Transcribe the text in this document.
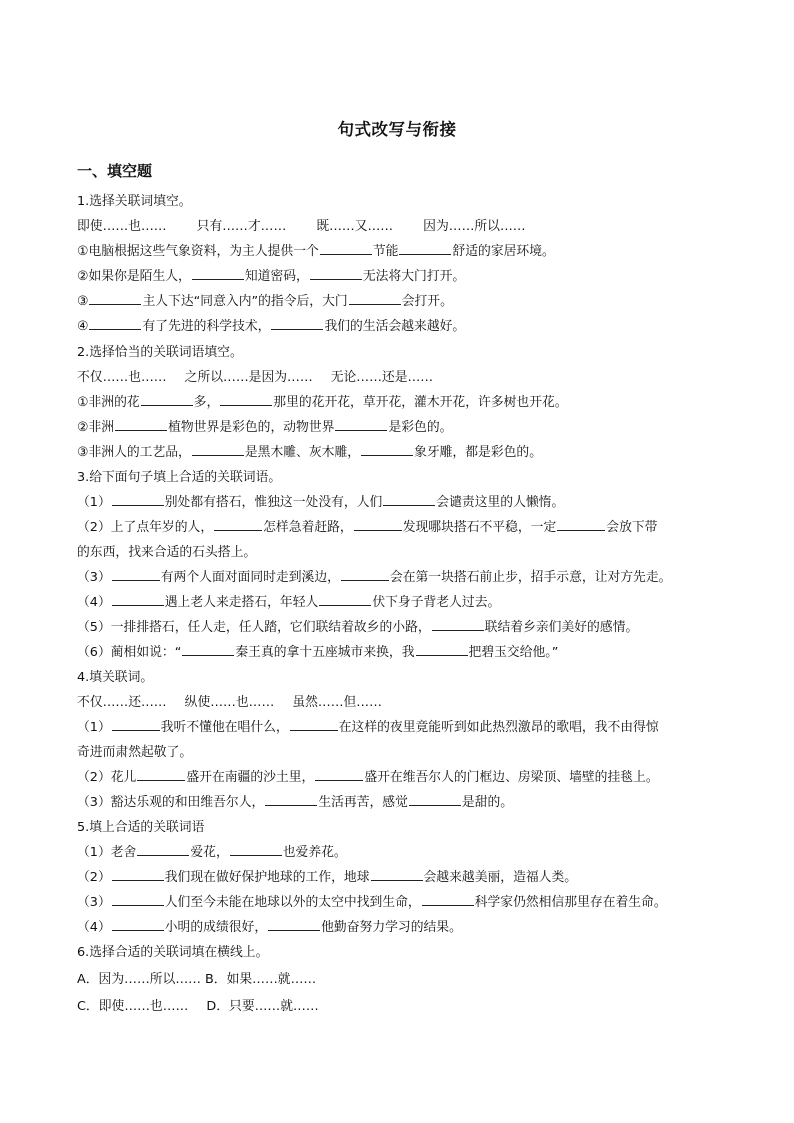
句式改写与衔接
一、填空题
1.选择关联词填空。
即使……也…… 只有……才…… 既……又…… 因为……所以……
①电脑根据这些气象资料，为主人提供一个	节能	舒适的家居环境。
②如果你是陌生人，	知道密码，	无法将大门打开。
③	主人下达“同意入内”的指令后，大门	会打开。
④	有了先进的科学技术，	我们的生活会越来越好。
2.选择恰当的关联词语填空。
不仅……也…… 之所以……是因为…… 无论……还是……
①非洲的花	多，	那里的花开花，草开花，灌木开花，许多树也开花。
②非洲	植物世界是彩色的，动物世界	是彩色的。
③非洲人的工艺品，	是黑木雕、灰木雕，	象牙雕，都是彩色的。
3.给下面句子填上合适的关联词语。
（1）	别处都有搭石，惟独这一处没有，人们	会谴责这里的人懒惰。
（2）上了点年岁的人，	怎样急着赶路，	发现哪块搭石不平稳，一定	会放下带
的东西，找来合适的石头搭上。
（3）	有两个人面对面同时走到溪边，	会在第一块搭石前止步，招手示意，让对方先走。
（4）	遇上老人来走搭石，年轻人	伏下身子背老人过去。
（5）一排排搭石，任人走，任人踏，它们联结着故乡的小路，	联结着乡亲们美好的感情。
（6）蔺相如说：“	秦王真的拿十五座城市来换，我	把碧玉交给他。”
4.填关联词。
不仅……还…… 纵使……也…… 虽然……但……
（1）	我听不懂他在唱什么，	在这样的夜里竟能听到如此热烈激昂的歌唱，我不由得惊
奇进而肃然起敬了。
（2）花儿	盛开在南疆的沙土里，	盛开在维吾尔人的门框边、房梁顶、墙壁的挂毯上。
（3）豁达乐观的和田维吾尔人，	生活再苦，感觉	是甜的。
5.填上合适的关联词语
（1）老舍	爱花，	也爱养花。
（2）	我们现在做好保护地球的工作，地球	会越来越美丽，造福人类。
（3）	人们至今未能在地球以外的太空中找到生命，	科学家仍然相信那里存在着生命。
（4）	小明的成绩很好，	他勤奋努力学习的结果。
6.选择合适的关联词填在横线上。
A．因为……所以…… B．如果……就……
C．即使……也…… D．只要……就……
